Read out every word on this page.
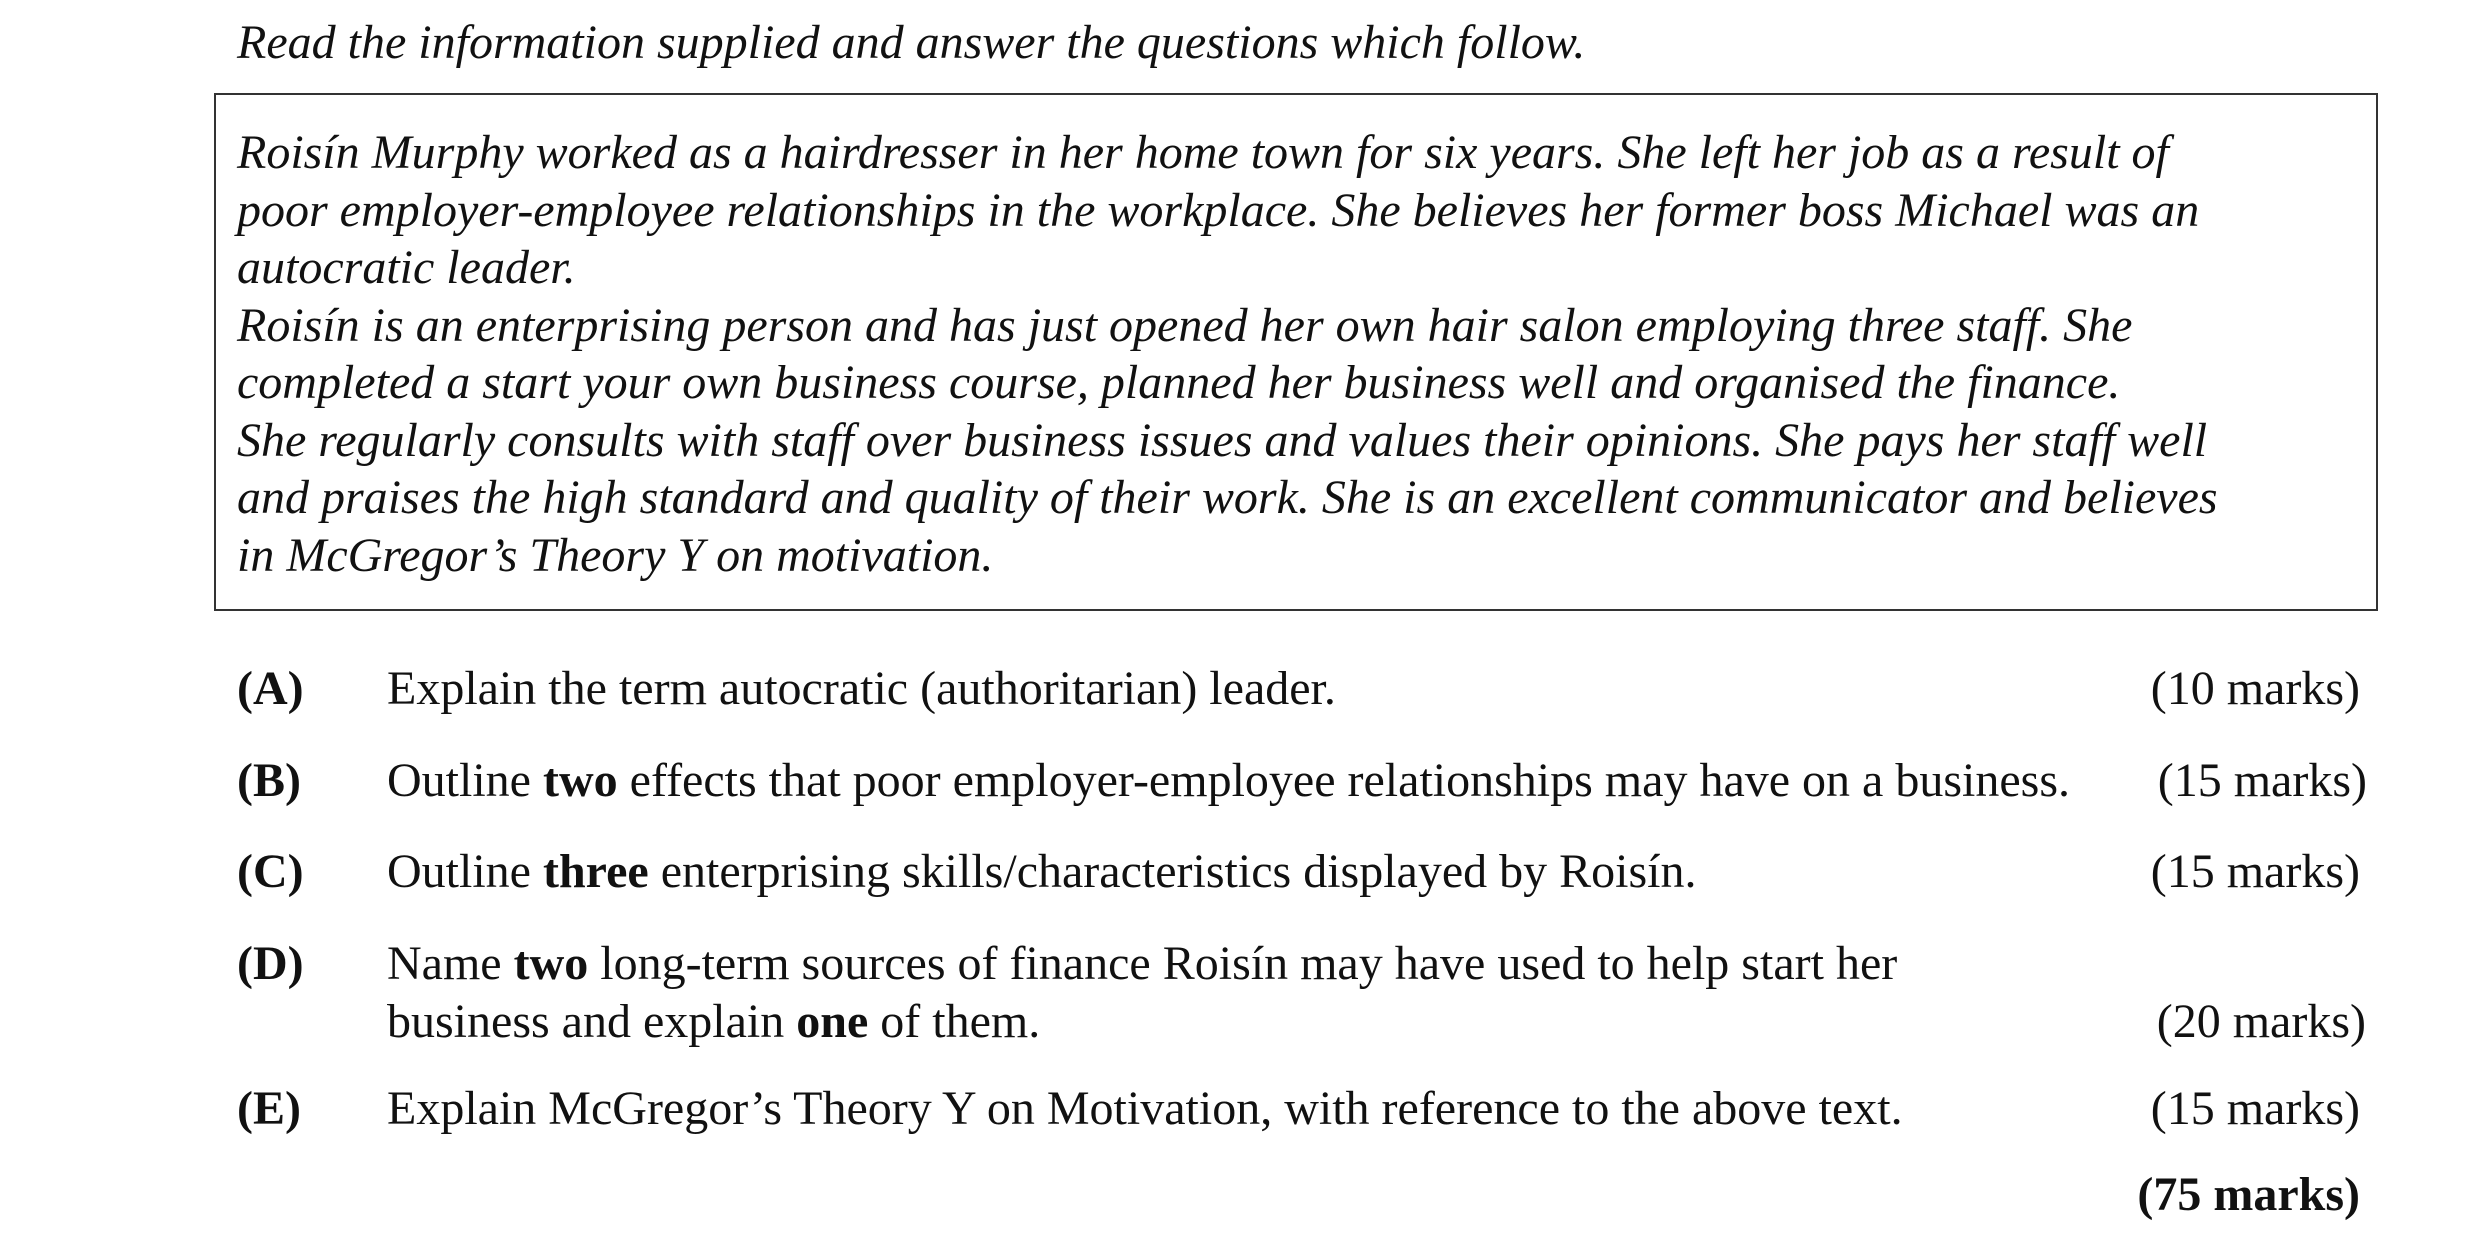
Read the information supplied and answer the questions which follow.
Roisín Murphy worked as a hairdresser in her home town for six years. She left her job as a result of
poor employer-employee relationships in the workplace. She believes her former boss Michael was an
autocratic leader.
Roisín is an enterprising person and has just opened her own hair salon employing three staff. She
completed a start your own business course, planned her business well and organised the finance.
She regularly consults with staff over business issues and values their opinions. She pays her staff well
and praises the high standard and quality of their work. She is an excellent communicator and believes
in McGregor’s Theory Y on motivation.
(A) Explain the term autocratic (authoritarian) leader.	(10 marks)
(B) Outline two effects that poor employer-employee relationships may have on a business. (15 marks)
(C) Outline three enterprising skills/characteristics displayed by Roisín.	(15 marks)
(D) Name two long-term sources of finance Roisín may have used to help start her
business and explain one of them.	(20 marks)
(E) Explain McGregor’s Theory Y on Motivation, with reference to the above text.	(15 marks)
(75 marks)
